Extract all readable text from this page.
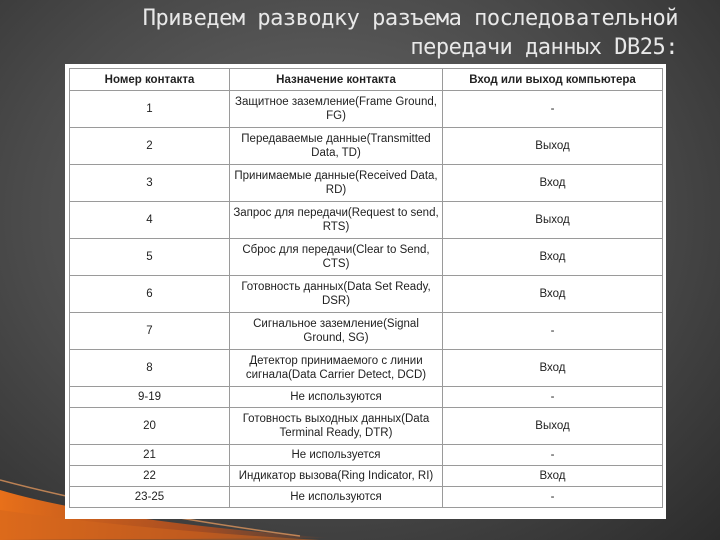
Приведем разводку разъема последовательной
передачи данных DB25:
Номер контакта	Назначение контакта	Вход или выход компьютера
1	Защитное заземление(Frame Ground, FG)	-
2	Передаваемые данные(Transmitted Data, TD)	Выход
3	Принимаемые данные(Received Data, RD)	Вход
4	Запрос для передачи(Request to send, RTS)	Выход
5	Сброс для передачи(Clear to Send, CTS)	Вход
6	Готовность данных(Data Set Ready, DSR)	Вход
7	Сигнальное заземление(Signal Ground, SG)	-
8	Детектор принимаемого с линии сигнала(Data Carrier Detect, DCD)	Вход
9-19	Не используются	-
20	Готовность выходных данных(Data Terminal Ready, DTR)	Выход
21	Не используется	-
22	Индикатор вызова(Ring Indicator, RI)	Вход
23-25	Не используются	-
